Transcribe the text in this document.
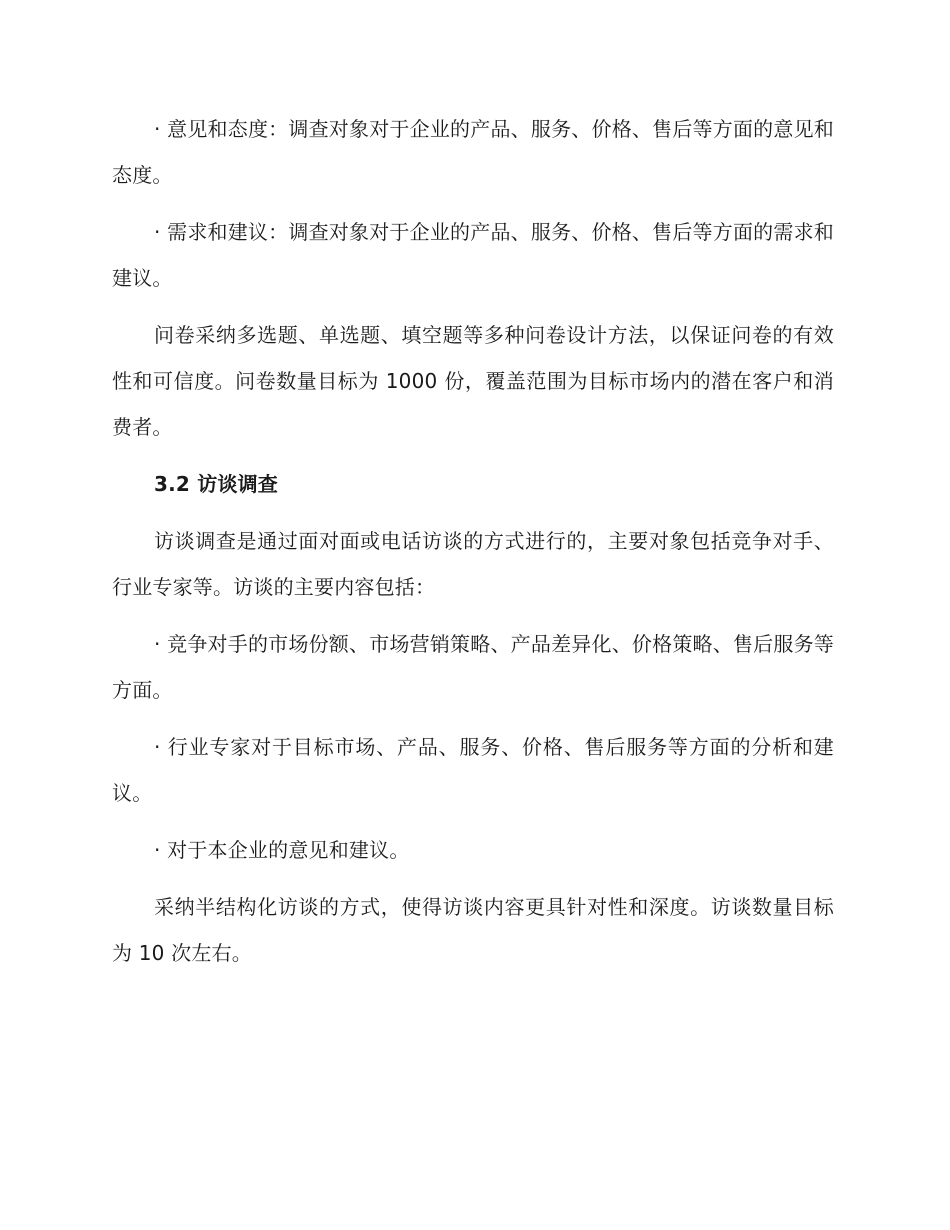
· 意见和态度：调查对象对于企业的产品、服务、价格、售后等方面的意见和态度。

· 需求和建议：调查对象对于企业的产品、服务、价格、售后等方面的需求和建议。

问卷采纳多选题、单选题、填空题等多种问卷设计方法，以保证问卷的有效性和可信度。问卷数量目标为 1000 份，覆盖范围为目标市场内的潜在客户和消费者。

3.2 访谈调查

访谈调查是通过面对面或电话访谈的方式进行的，主要对象包括竞争对手、行业专家等。访谈的主要内容包括：

· 竞争对手的市场份额、市场营销策略、产品差异化、价格策略、售后服务等方面。

· 行业专家对于目标市场、产品、服务、价格、售后服务等方面的分析和建议。

· 对于本企业的意见和建议。

采纳半结构化访谈的方式，使得访谈内容更具针对性和深度。访谈数量目标为 10 次左右。
